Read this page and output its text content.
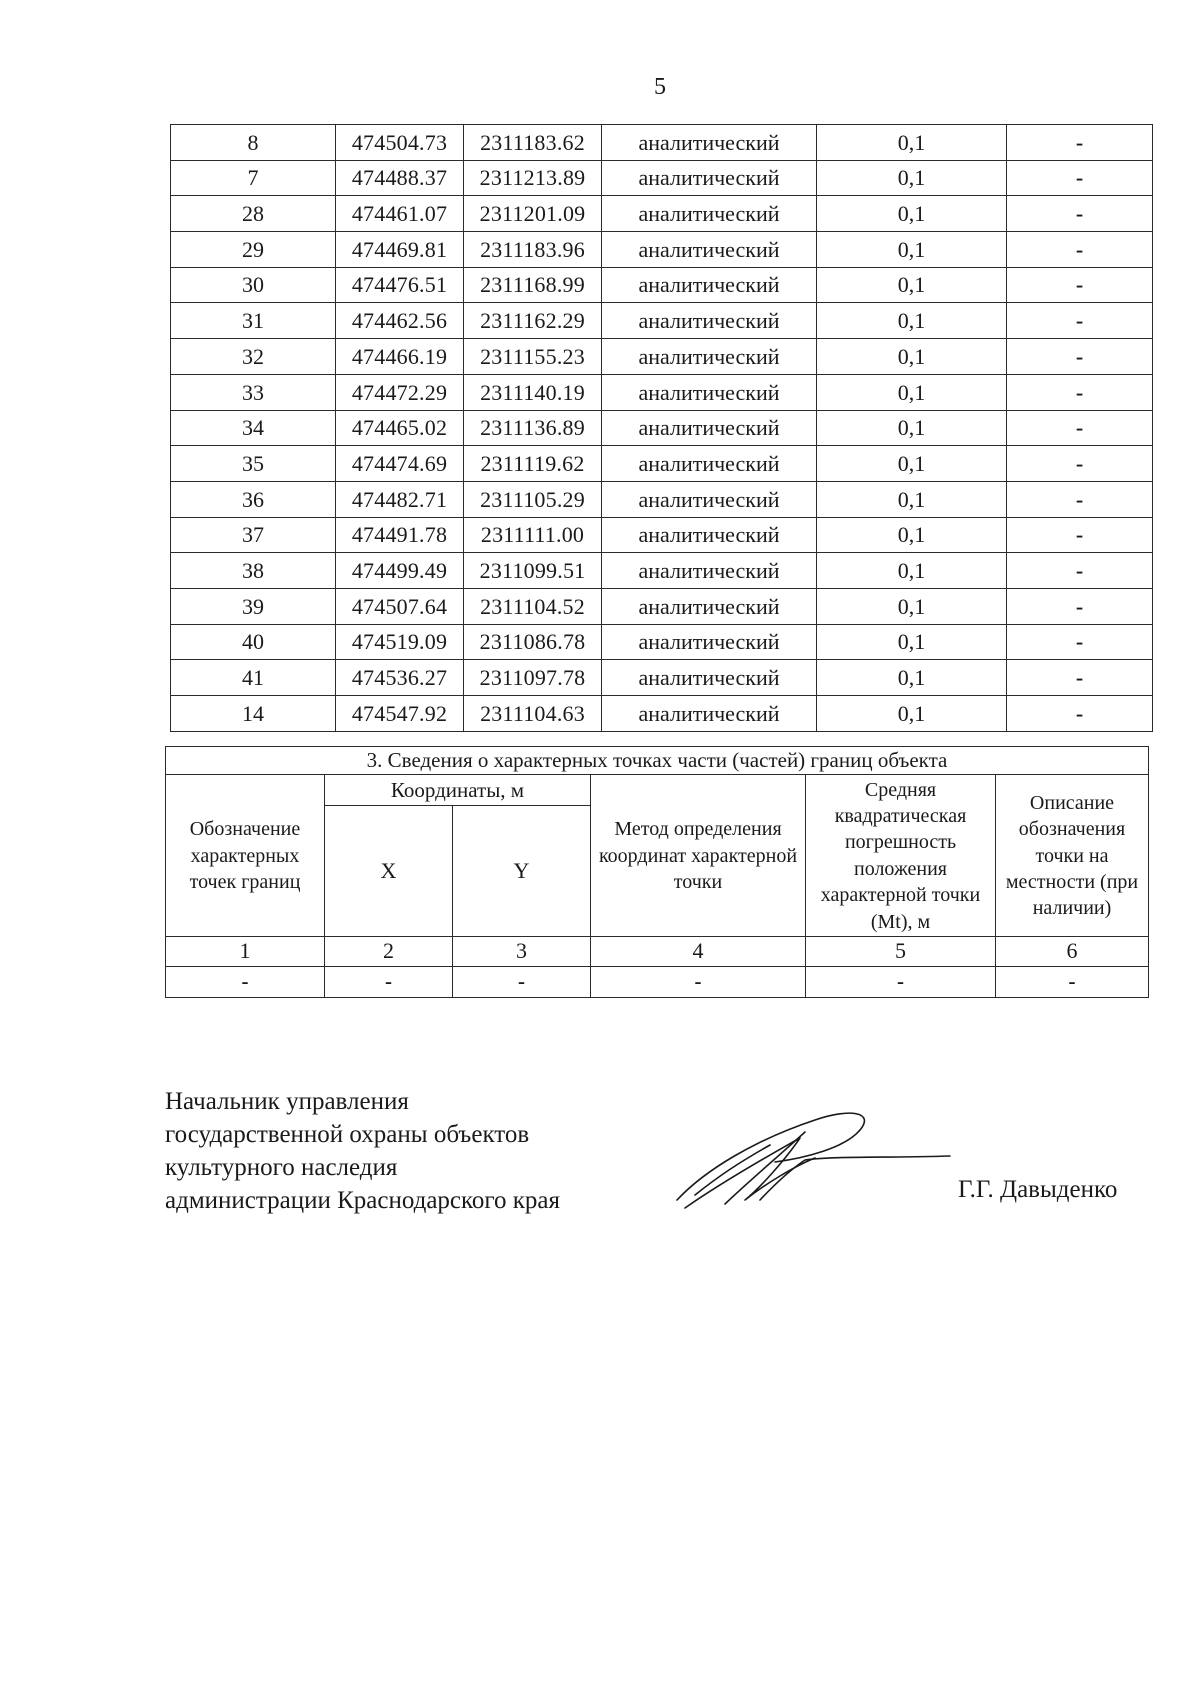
5
8	474504.73	2311183.62	аналитический	0,1	-
7	474488.37	2311213.89	аналитический	0,1	-
28	474461.07	2311201.09	аналитический	0,1	-
29	474469.81	2311183.96	аналитический	0,1	-
30	474476.51	2311168.99	аналитический	0,1	-
31	474462.56	2311162.29	аналитический	0,1	-
32	474466.19	2311155.23	аналитический	0,1	-
33	474472.29	2311140.19	аналитический	0,1	-
34	474465.02	2311136.89	аналитический	0,1	-
35	474474.69	2311119.62	аналитический	0,1	-
36	474482.71	2311105.29	аналитический	0,1	-
37	474491.78	2311111.00	аналитический	0,1	-
38	474499.49	2311099.51	аналитический	0,1	-
39	474507.64	2311104.52	аналитический	0,1	-
40	474519.09	2311086.78	аналитический	0,1	-
41	474536.27	2311097.78	аналитический	0,1	-
14	474547.92	2311104.63	аналитический	0,1	-
3. Сведения о характерных точках части (частей) границ объекта					
Обозначение характерных точек границ	Координаты, м		Метод определения координат характерной точки	Средняя квадратическая погрешность положения характерной точки (Mt), м	Описание обозначения точки на местности (при наличии)
	X	Y			
1	2	3	4	5	6
-	-	-	-	-	-
Начальник управления
государственной охраны объектов
культурного наследия
администрации Краснодарского края	Г.Г. Давыденко
